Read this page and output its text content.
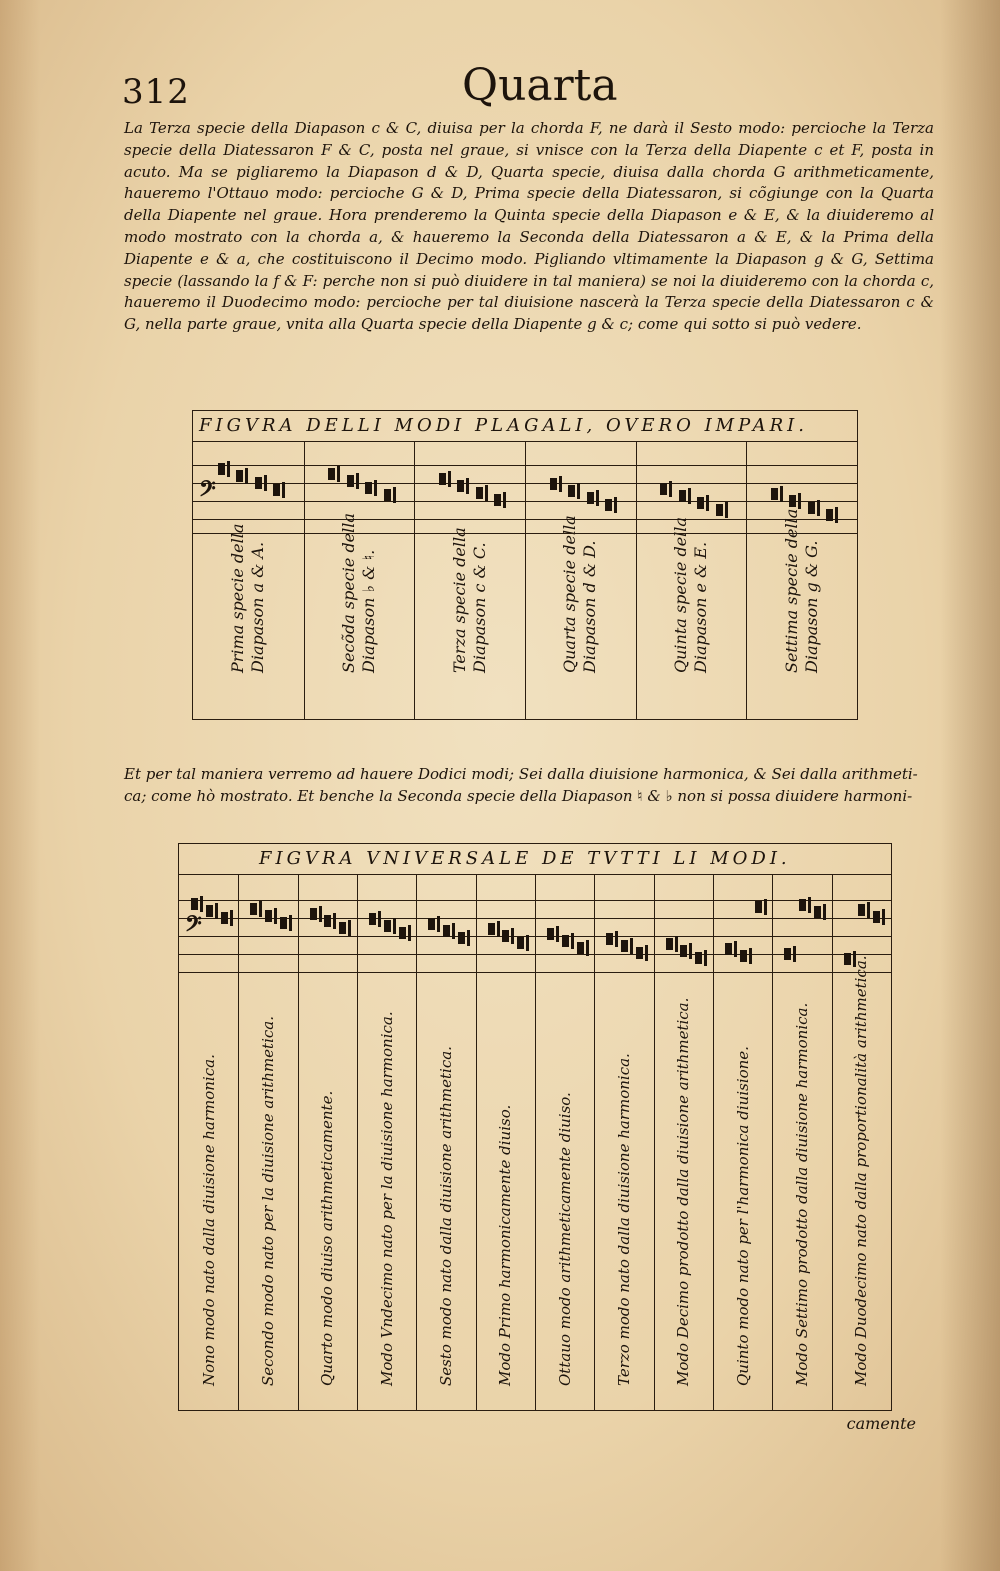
312	Quarta

La Terza specie della Diapason c & C, diuisa per la chorda F, ne darà il Sesto modo: percioche la Terza specie della Diatessaron F & C, posta nel graue, si vnisce con la Terza della Diapente c et F, posta in acuto. Ma se pigliaremo la Diapason d & D, Quarta specie, diuisa dalla chorda G arithmeticamente, haueremo l'Ottauo modo: percioche G & D, Prima specie della Diatessaron, si cõgiunge con la Quarta della Diapente nel graue. Hora prenderemo la Quinta specie della Diapason e & E, & la diuideremo al modo mostrato con la chorda a, & haueremo la Seconda della Diatessaron a & E, & la Prima della Diapente e & a, che costituiscono il Decimo modo. Pigliando vltimamente la Diapason g & G, Settima specie (lassando la f & F: perche non si può diuidere in tal maniera) se noi la diuideremo con la chorda c, haueremo il Duodecimo modo: percioche per tal diuisione nascerà la Terza specie della Diatessaron c & G, nella parte graue, vnita alla Quarta specie della Diapente g & c; come qui sotto si può vedere.

FIGVRA DELLI MODI PLAGALI, OVERO IMPARI.
𝄢
Prima specie della Diapason a & A.	Secõda specie della Diapason ♭ & ♮.	Terza specie della Diapason c & C.	Quarta specie della Diapason d & D.	Quinta specie della Diapason e & E.	Settima specie della Diapason g & G.

Et per tal maniera verremo ad hauere Dodici modi; Sei dalla diuisione harmonica, & Sei dalla arithmeti-
ca; come hò mostrato. Et benche la Seconda specie della Diapason ♮ & ♭ non si possa diuidere harmoni-

FIGVRA VNIVERSALE DE TVTTI LI MODI.
𝄢
Nono modo nato dalla diuisione harmonica.	Secondo modo nato per la diuisione arithmetica.	Quarto modo diuiso arithmeticamente.	Modo Vndecimo nato per la diuisione harmonica.	Sesto modo nato dalla diuisione arithmetica.	Modo Primo harmonicamente diuiso.	Ottauo modo arithmeticamente diuiso.	Terzo modo nato dalla diuisione harmonica.	Modo Decimo prodotto dalla diuisione arithmetica.	Quinto modo nato per l'harmonica diuisione.	Modo Settimo prodotto dalla diuisione harmonica.	Modo Duodecimo nato dalla proportionalità arithmetica.
camente
